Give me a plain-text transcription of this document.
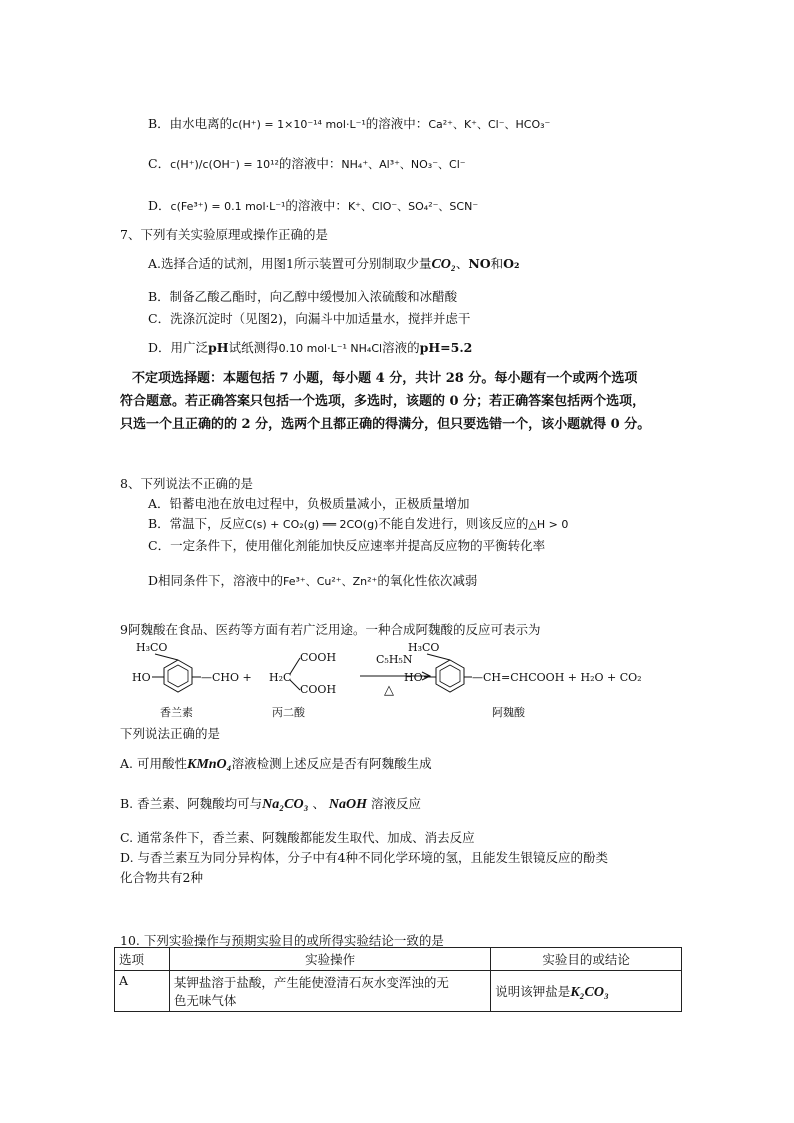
B．由水电离的c(H⁺) = 1×10⁻¹⁴ mol·L⁻¹的溶液中：Ca²⁺、K⁺、Cl⁻、HCO₃⁻
C．c(H⁺)/c(OH⁻) = 10¹²的溶液中：NH₄⁺、Al³⁺、NO₃⁻、Cl⁻
D．c(Fe³⁺) = 0.1 mol·L⁻¹的溶液中：K⁺、ClO⁻、SO₄²⁻、SCN⁻
7、下列有关实验原理或操作正确的是
A.选择合适的试剂，用图1所示装置可分别制取少量CO₂、NO和O₂
B．制备乙酸乙酯时，向乙醇中缓慢加入浓硫酸和冰醋酸
C．洗涤沉淀时（见图2)，向漏斗中加适量水，搅拌并虑干
D．用广泛pH试纸测得0.10 mol·L⁻¹ NH₄Cl溶液的pH=5.2
不定项选择题：本题包括 7 小题，每小题 4 分，共计 28 分。每小题有一个或两个选项
符合题意。若正确答案只包括一个选项，多选时，该题的 0 分；若正确答案包括两个选项，
只选一个且正确的的 2 分，选两个且都正确的得满分，但只要选错一个，该小题就得 0 分。
8、下列说法不正确的是
A．铅蓄电池在放电过程中，负极质量减小，正极质量增加
B．常温下，反应C(s) + CO₂(g) ══ 2CO(g)不能自发进行，则该反应的△H > 0
C．一定条件下，使用催化剂能加快反应速率并提高反应物的平衡转化率
D相同条件下，溶液中的Fe³⁺、Cu²⁺、Zn²⁺的氧化性依次减弱
9阿魏酸在食品、医药等方面有若广泛用途。一种合成阿魏酸的反应可表示为
H₃CO
HO	—CHO + H₂C
COOH
COOH
C₅H₅N
△
H₃CO
HO	—CH=CHCOOH + H₂O + CO₂
香兰素	丙二酸	阿魏酸
下列说法正确的是
A. 可用酸性KMnO₄溶液检测上述反应是否有阿魏酸生成
B. 香兰素、阿魏酸均可与Na₂CO₃ 、 NaOH 溶液反应
C. 通常条件下，香兰素、阿魏酸都能发生取代、加成、消去反应
D. 与香兰素互为同分异构体，分子中有4种不同化学环境的氢，且能发生银镜反应的酚类
化合物共有2种
10. 下列实验操作与预期实验目的或所得实验结论一致的是
选项	实验操作	实验目的或结论
A	某钾盐溶于盐酸，产生能使澄清石灰水变浑浊的无
色无味气体	说明该钾盐是K₂CO₃
